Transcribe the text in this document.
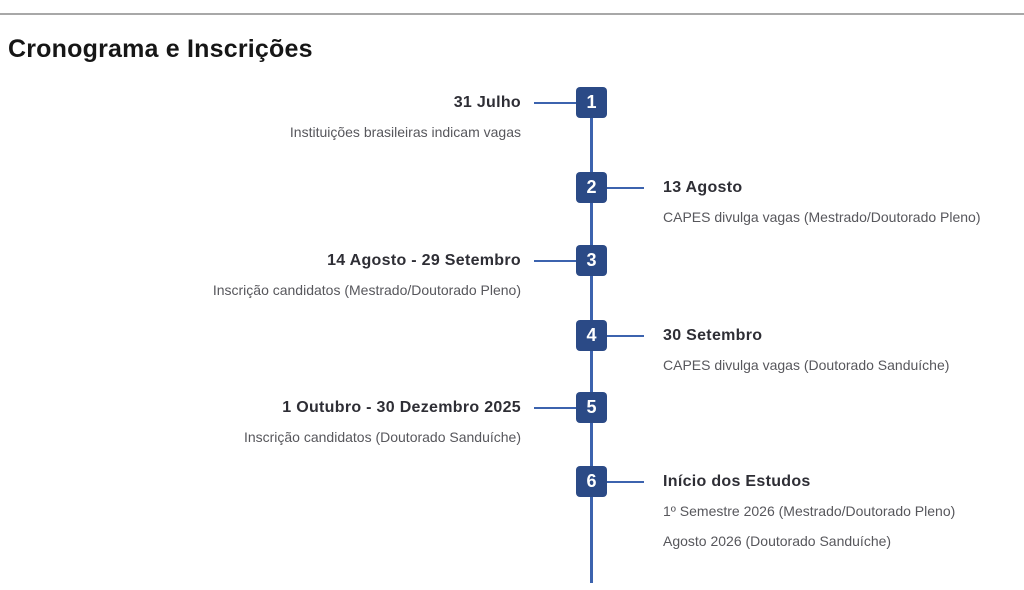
Cronograma e Inscrições
1
31 Julho
Instituições brasileiras indicam vagas
2	13 Agosto
CAPES divulga vagas (Mestrado/Doutorado Pleno)
3
14 Agosto - 29 Setembro
Inscrição candidatos (Mestrado/Doutorado Pleno)
4	30 Setembro
CAPES divulga vagas (Doutorado Sanduíche)
5
1 Outubro - 30 Dezembro 2025
Inscrição candidatos (Doutorado Sanduíche)
6	Início dos Estudos
1º Semestre 2026 (Mestrado/Doutorado Pleno)
Agosto 2026 (Doutorado Sanduíche)
